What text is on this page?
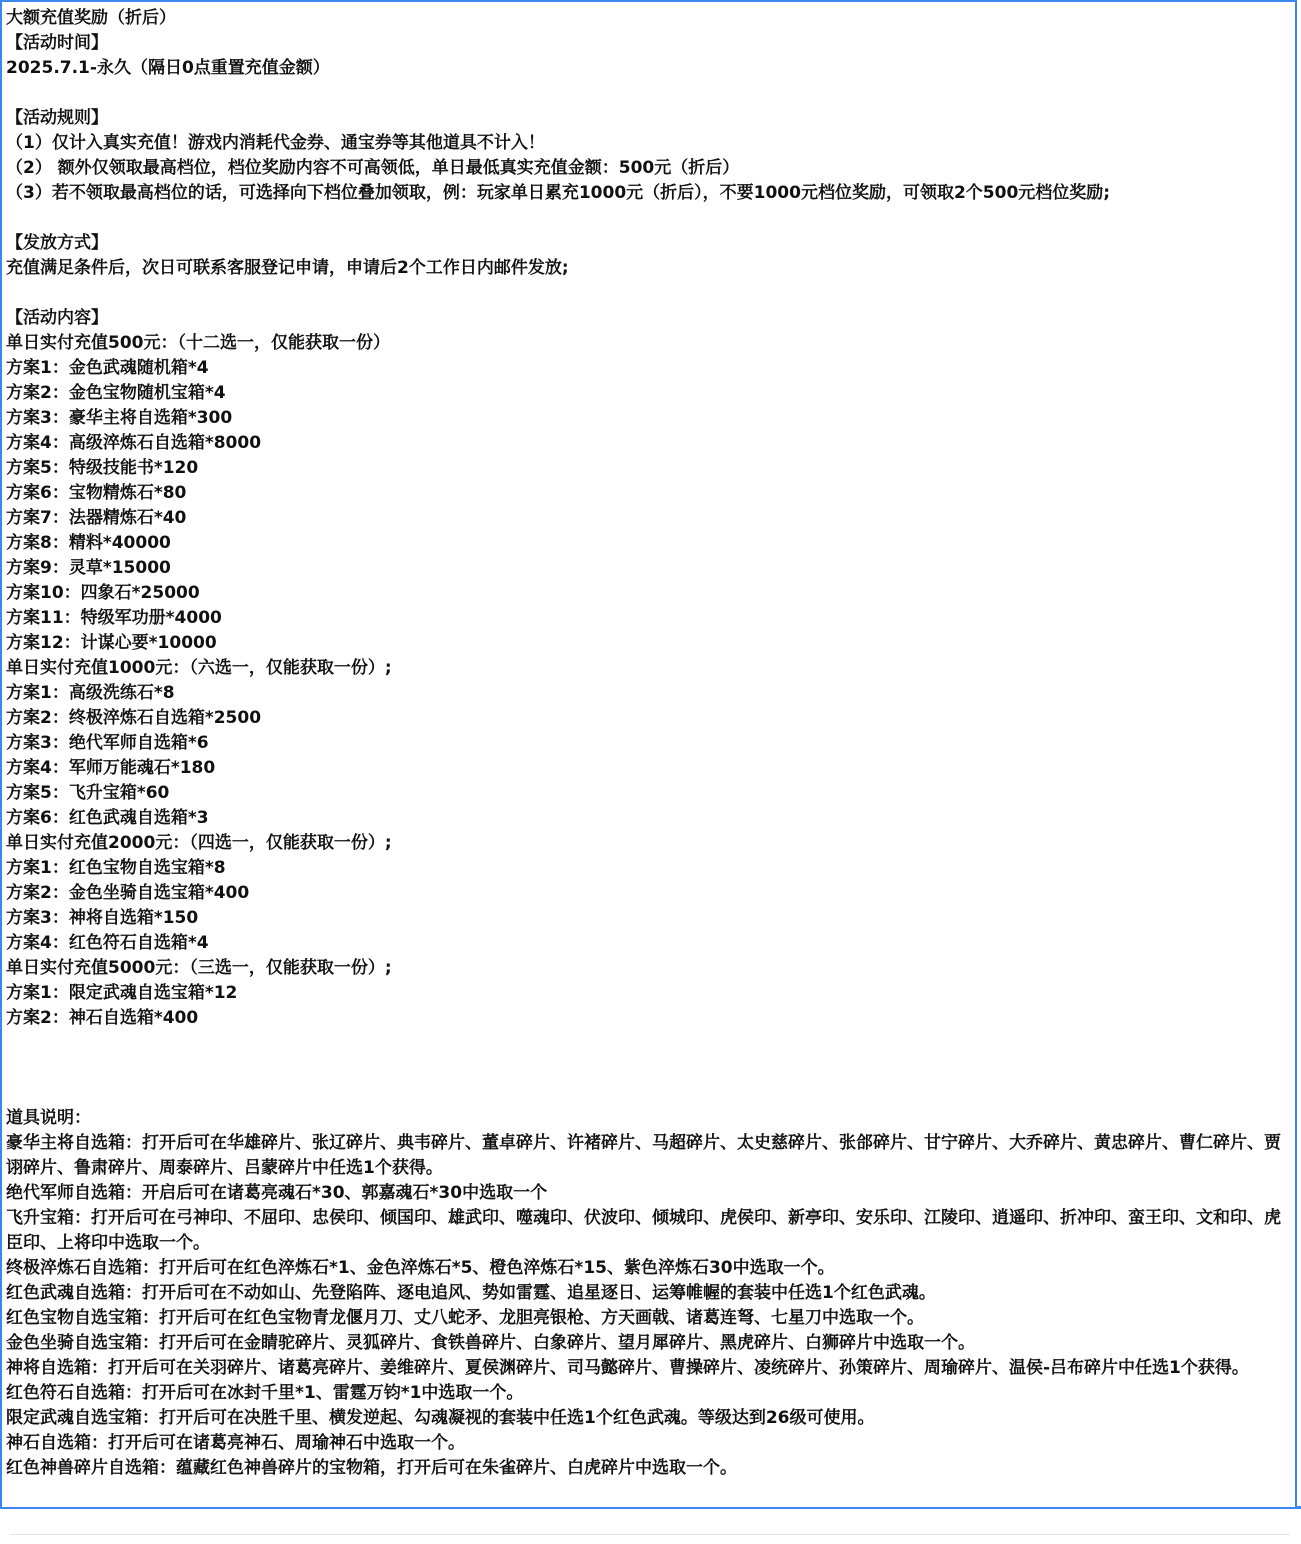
大额充值奖励（折后）
【活动时间】
2025.7.1-永久（隔日0点重置充值金额）
【活动规则】
（1）仅计入真实充值！游戏内消耗代金券、通宝券等其他道具不计入！
（2） 额外仅领取最高档位，档位奖励内容不可高领低，单日最低真实充值金额：500元（折后）
（3）若不领取最高档位的话，可选择向下档位叠加领取，例：玩家单日累充1000元（折后），不要1000元档位奖励，可领取2个500元档位奖励;
【发放方式】
充值满足条件后，次日可联系客服登记申请，申请后2个工作日内邮件发放;
【活动内容】
单日实付充值500元：（十二选一，仅能获取一份）
方案1：金色武魂随机箱*4
方案2：金色宝物随机宝箱*4
方案3：豪华主将自选箱*300
方案4：高级淬炼石自选箱*8000
方案5：特级技能书*120
方案6：宝物精炼石*80
方案7：法器精炼石*40
方案8：精料*40000
方案9：灵草*15000
方案10：四象石*25000
方案11：特级军功册*4000
方案12：计谋心要*10000
单日实付充值1000元：（六选一，仅能获取一份）;
方案1：高级洗练石*8
方案2：终极淬炼石自选箱*2500
方案3：绝代军师自选箱*6
方案4：军师万能魂石*180
方案5：飞升宝箱*60
方案6：红色武魂自选箱*3
单日实付充值2000元：（四选一，仅能获取一份）;
方案1：红色宝物自选宝箱*8
方案2：金色坐骑自选宝箱*400
方案3：神将自选箱*150
方案4：红色符石自选箱*4
单日实付充值5000元：（三选一，仅能获取一份）;
方案1：限定武魂自选宝箱*12
方案2：神石自选箱*400
道具说明：
豪华主将自选箱：打开后可在华雄碎片、张辽碎片、典韦碎片、董卓碎片、许褚碎片、马超碎片、太史慈碎片、张郃碎片、甘宁碎片、大乔碎片、黄忠碎片、曹仁碎片、贾诩碎片、鲁肃碎片、周泰碎片、吕蒙碎片中任选1个获得。
绝代军师自选箱：开启后可在诸葛亮魂石*30、郭嘉魂石*30中选取一个
飞升宝箱：打开后可在弓神印、不屈印、忠侯印、倾国印、雄武印、噬魂印、伏波印、倾城印、虎侯印、新亭印、安乐印、江陵印、逍遥印、折冲印、蛮王印、文和印、虎臣印、上将印中选取一个。
终极淬炼石自选箱：打开后可在红色淬炼石*1、金色淬炼石*5、橙色淬炼石*15、紫色淬炼石30中选取一个。
红色武魂自选箱：打开后可在不动如山、先登陷阵、逐电追风、势如雷霆、追星逐日、运筹帷幄的套装中任选1个红色武魂。
红色宝物自选宝箱：打开后可在红色宝物青龙偃月刀、丈八蛇矛、龙胆亮银枪、方天画戟、诸葛连弩、七星刀中选取一个。
金色坐骑自选宝箱：打开后可在金睛驼碎片、灵狐碎片、食铁兽碎片、白象碎片、望月犀碎片、黑虎碎片、白狮碎片中选取一个。
神将自选箱：打开后可在关羽碎片、诸葛亮碎片、姜维碎片、夏侯渊碎片、司马懿碎片、曹操碎片、凌统碎片、孙策碎片、周瑜碎片、温侯-吕布碎片中任选1个获得。
红色符石自选箱：打开后可在冰封千里*1、雷霆万钧*1中选取一个。
限定武魂自选宝箱：打开后可在决胜千里、横发逆起、勾魂凝视的套装中任选1个红色武魂。等级达到26级可使用。
神石自选箱：打开后可在诸葛亮神石、周瑜神石中选取一个。
红色神兽碎片自选箱：蕴藏红色神兽碎片的宝物箱，打开后可在朱雀碎片、白虎碎片中选取一个。
